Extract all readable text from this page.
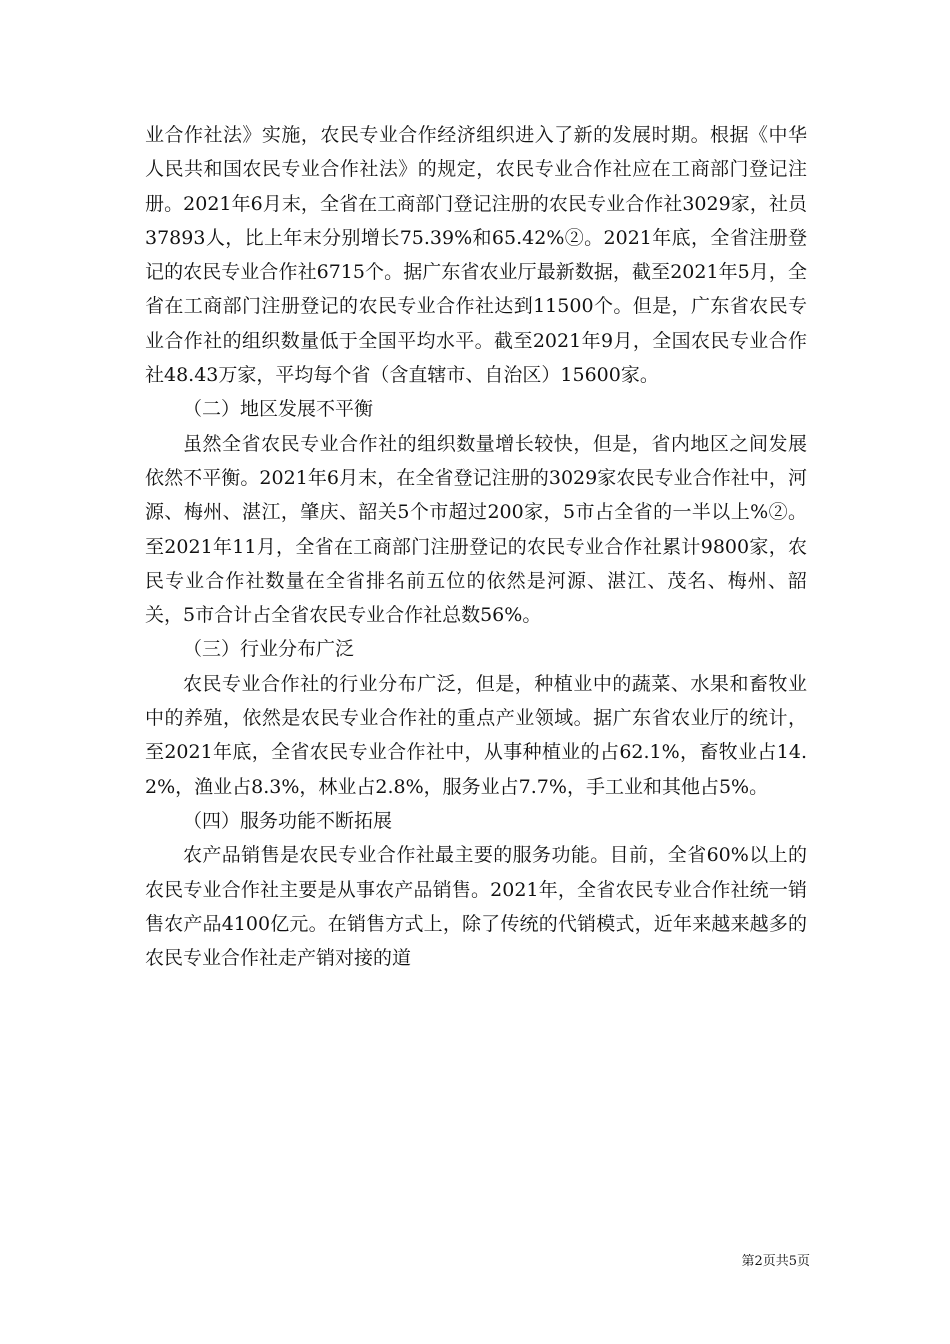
业合作社法》实施，农民专业合作经济组织进入了新的发展时期。根据《中华人民共和国农民专业合作社法》的规定，农民专业合作社应在工商部门登记注册。2021年6月末，全省在工商部门登记注册的农民专业合作社3029家，社员37893人，比上年末分别增长75.39%和65.42%②。2021年底，全省注册登记的农民专业合作社6715个。据广东省农业厅最新数据，截至2021年5月，全省在工商部门注册登记的农民专业合作社达到11500个。但是，广东省农民专业合作社的组织数量低于全国平均水平。截至2021年9月，全国农民专业合作社48.43万家，平均每个省（含直辖市、自治区）15600家。

（二）地区发展不平衡

虽然全省农民专业合作社的组织数量增长较快，但是，省内地区之间发展依然不平衡。2021年6月末，在全省登记注册的3029家农民专业合作社中，河源、梅州、湛江，肇庆、韶关5个市超过200家，5市占全省的一半以上%②。至2021年11月，全省在工商部门注册登记的农民专业合作社累计9800家，农民专业合作社数量在全省排名前五位的依然是河源、湛江、茂名、梅州、韶关，5市合计占全省农民专业合作社总数56%。

（三）行业分布广泛

农民专业合作社的行业分布广泛，但是，种植业中的蔬菜、水果和畜牧业中的养殖，依然是农民专业合作社的重点产业领域。据广东省农业厅的统计，至2021年底，全省农民专业合作社中，从事种植业的占62.1%，畜牧业占14.2%，渔业占8.3%，林业占2.8%，服务业占7.7%，手工业和其他占5%。

（四）服务功能不断拓展

农产品销售是农民专业合作社最主要的服务功能。目前，全省60%以上的农民专业合作社主要是从事农产品销售。2021年，全省农民专业合作社统一销售农产品4100亿元。在销售方式上，除了传统的代销模式，近年来越来越多的农民专业合作社走产销对接的道

第2页共5页
